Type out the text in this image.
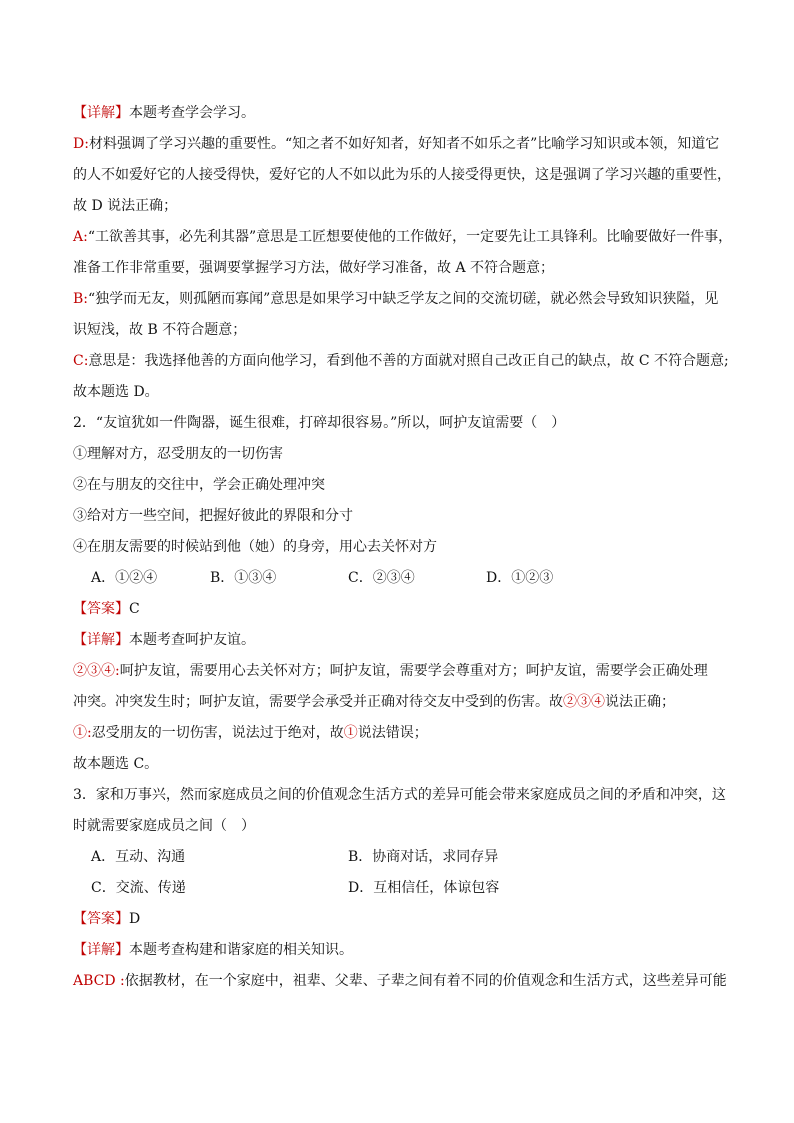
【详解】本题考查学会学习。
D:材料强调了学习兴趣的重要性。“知之者不如好知者，好知者不如乐之者”比喻学习知识或本领，知道它
的人不如爱好它的人接受得快，爱好它的人不如以此为乐的人接受得更快，这是强调了学习兴趣的重要性，
故 D 说法正确；
A:“工欲善其事，必先利其器”意思是工匠想要使他的工作做好，一定要先让工具锋利。比喻要做好一件事，
准备工作非常重要，强调要掌握学习方法，做好学习准备，故 A 不符合题意；
B:“独学而无友，则孤陋而寡闻”意思是如果学习中缺乏学友之间的交流切磋，就必然会导致知识狭隘，见
识短浅，故 B 不符合题意；
C:意思是：我选择他善的方面向他学习，看到他不善的方面就对照自己改正自己的缺点，故 C 不符合题意;
故本题选 D。
2．“友谊犹如一件陶器，诞生很难，打碎却很容易。”所以，呵护友谊需要（　）
①理解对方，忍受朋友的一切伤害
②在与朋友的交往中，学会正确处理冲突
③给对方一些空间，把握好彼此的界限和分寸
④在朋友需要的时候站到他（她）的身旁，用心去关怀对方
A．①②④	B．①③④	C．②③④	D．①②③
【答案】C
【详解】本题考查呵护友谊。
②③④:呵护友谊，需要用心去关怀对方；呵护友谊，需要学会尊重对方；呵护友谊，需要学会正确处理
冲突。冲突发生时；呵护友谊，需要学会承受并正确对待交友中受到的伤害。故②③④说法正确；
①:忍受朋友的一切伤害，说法过于绝对，故①说法错误；
故本题选 C。
3．家和万事兴，然而家庭成员之间的价值观念生活方式的差异可能会带来家庭成员之间的矛盾和冲突，这
时就需要家庭成员之间（　）
A．互动、沟通	B．协商对话，求同存异
C．交流、传递	D．互相信任，体谅包容
【答案】D
【详解】本题考查构建和谐家庭的相关知识。
ABCD :依据教材，在一个家庭中，祖辈、父辈、子辈之间有着不同的价值观念和生活方式，这些差异可能
